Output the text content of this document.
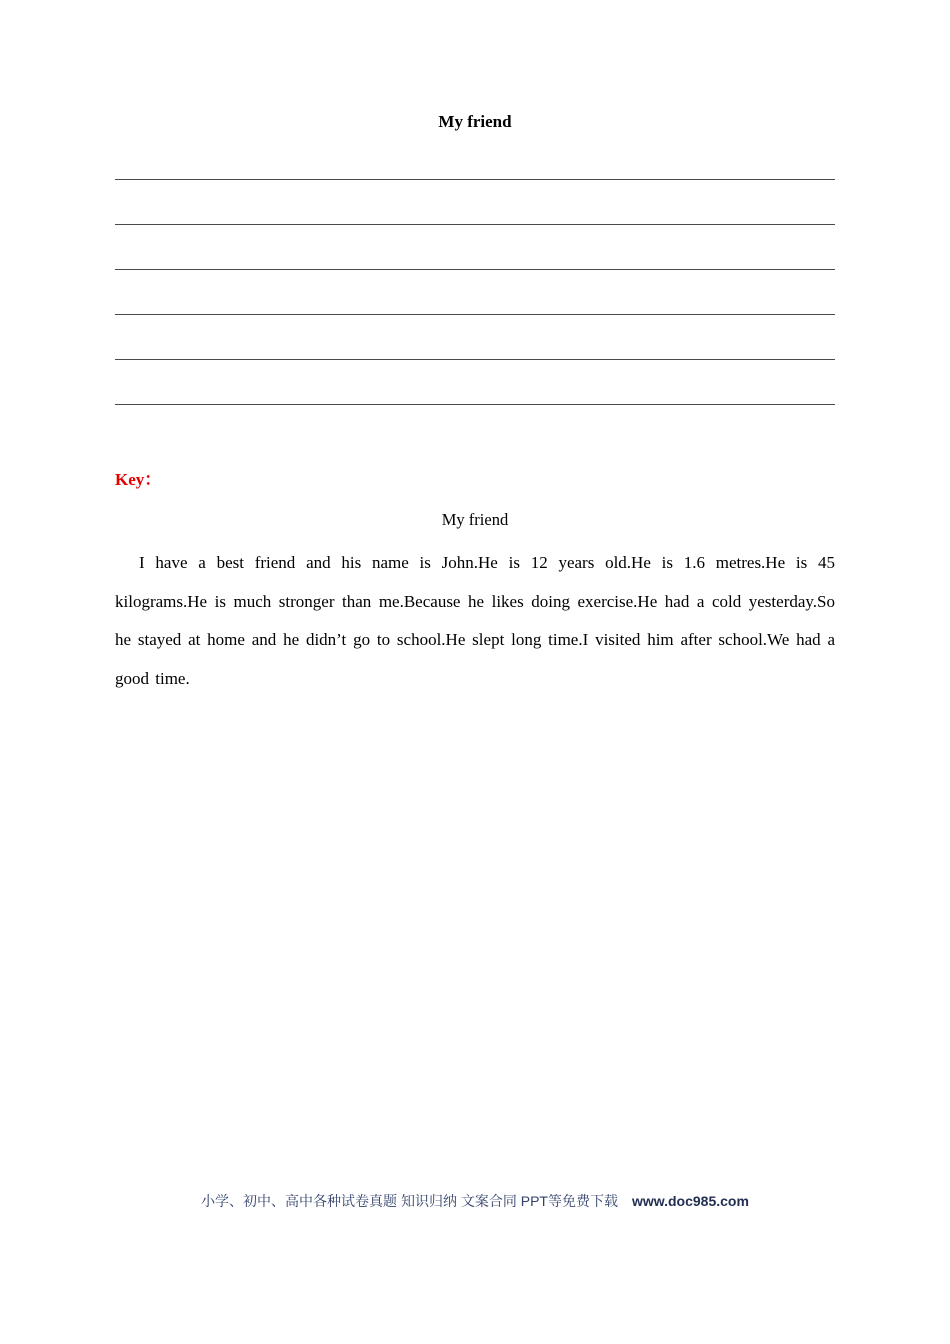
My friend
Key：
My friend

I have a best friend and his name is John.He is 12 years old.He is 1.6 metres.He is 45 kilograms.He is much stronger than me.Because he likes doing exercise.He had a cold yesterday.So he stayed at home and he didn’t go to school.He slept long time.I visited him after school.We had a good time.

小学、初中、高中各种试卷真题 知识归纳 文案合同 PPT等免费下载 www.doc985.com
